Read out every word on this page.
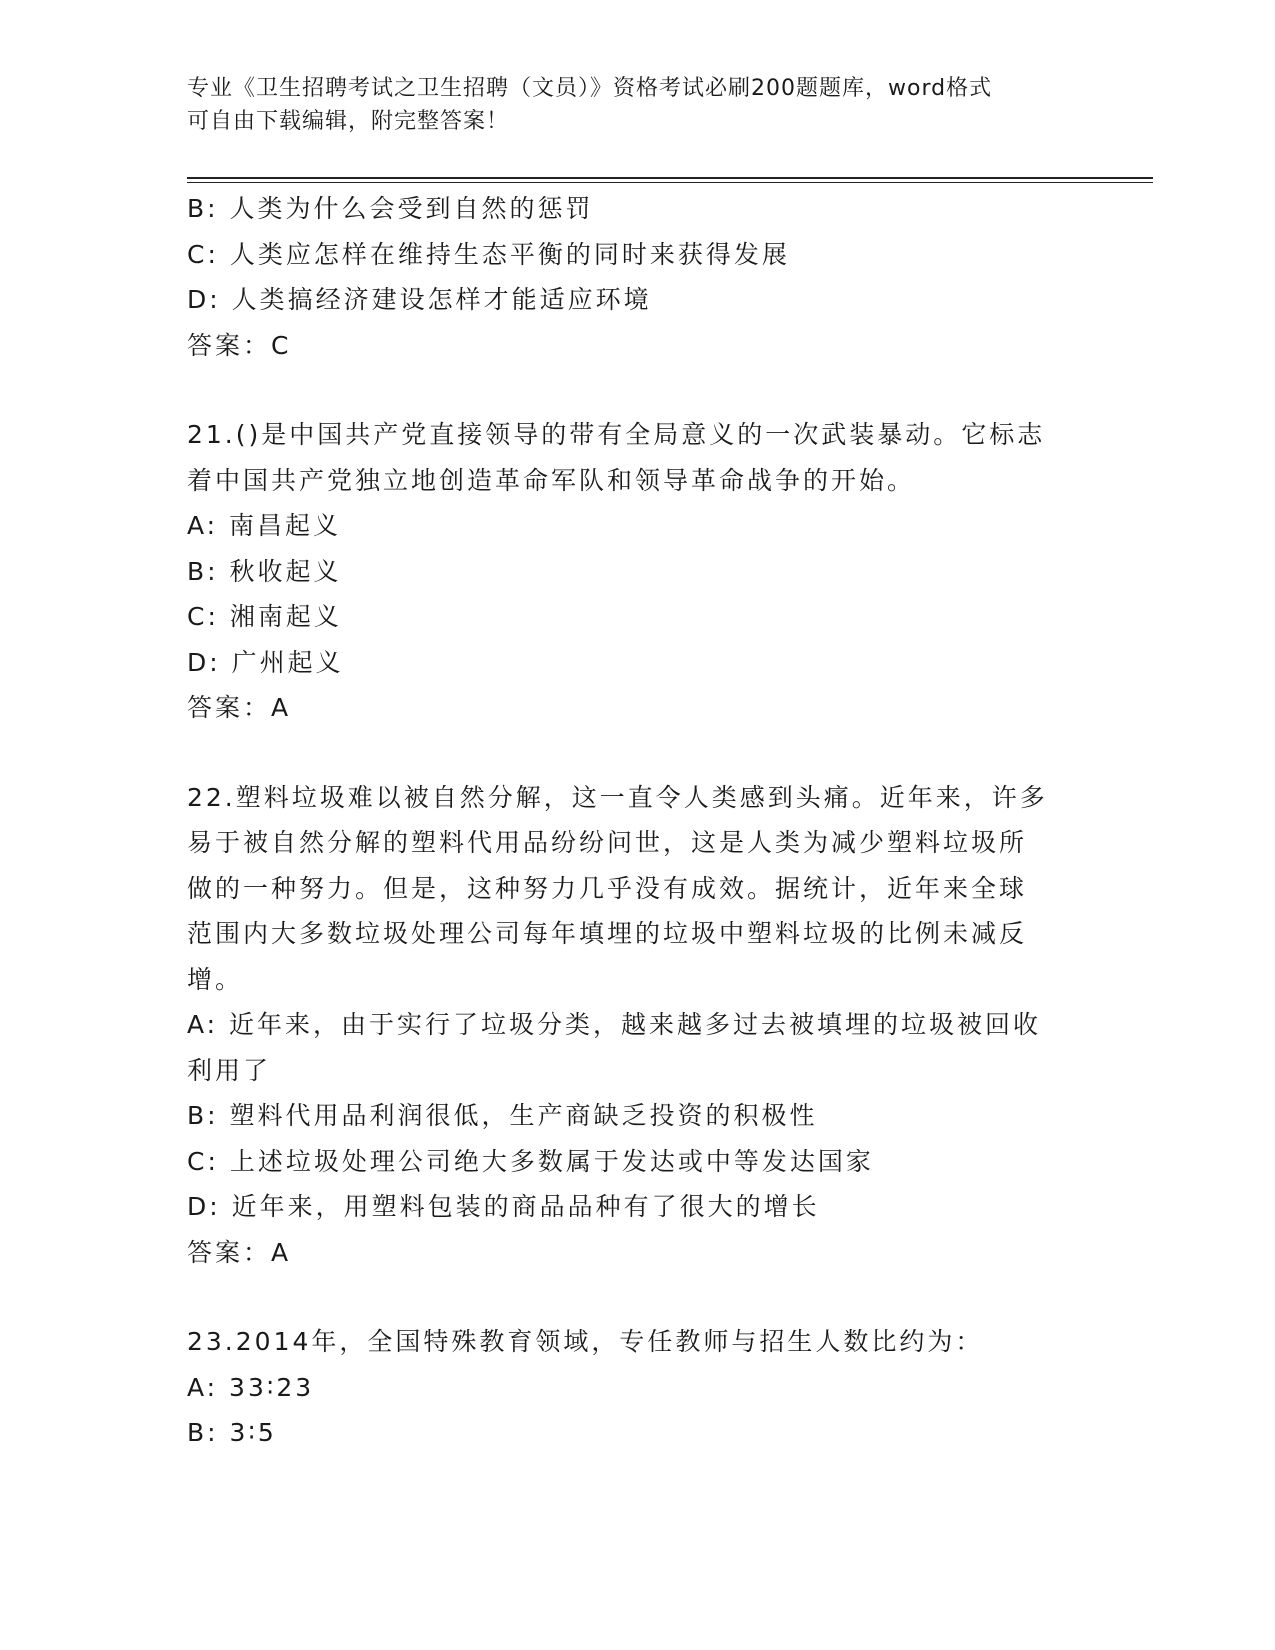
专业《卫生招聘考试之卫生招聘（文员）》资格考试必刷200题题库，word格式

可自由下载编辑，附完整答案！

B: 人类为什么会受到自然的惩罚

C: 人类应怎样在维持生态平衡的同时来获得发展

D: 人类搞经济建设怎样才能适应环境

答案：C

21.()是中国共产党直接领导的带有全局意义的一次武装暴动。它标志

着中国共产党独立地创造革命军队和领导革命战争的开始。

A: 南昌起义

B: 秋收起义

C: 湘南起义

D: 广州起义

答案：A

22.塑料垃圾难以被自然分解，这一直令人类感到头痛。近年来，许多

易于被自然分解的塑料代用品纷纷问世，这是人类为减少塑料垃圾所

做的一种努力。但是，这种努力几乎没有成效。据统计，近年来全球

范围内大多数垃圾处理公司每年填埋的垃圾中塑料垃圾的比例未减反

增。

A: 近年来，由于实行了垃圾分类，越来越多过去被填埋的垃圾被回收

利用了

B: 塑料代用品利润很低，生产商缺乏投资的积极性

C: 上述垃圾处理公司绝大多数属于发达或中等发达国家

D: 近年来，用塑料包装的商品品种有了很大的增长

答案：A

23.2014年，全国特殊教育领域，专任教师与招生人数比约为：

A: 33∶23

B: 3∶5
